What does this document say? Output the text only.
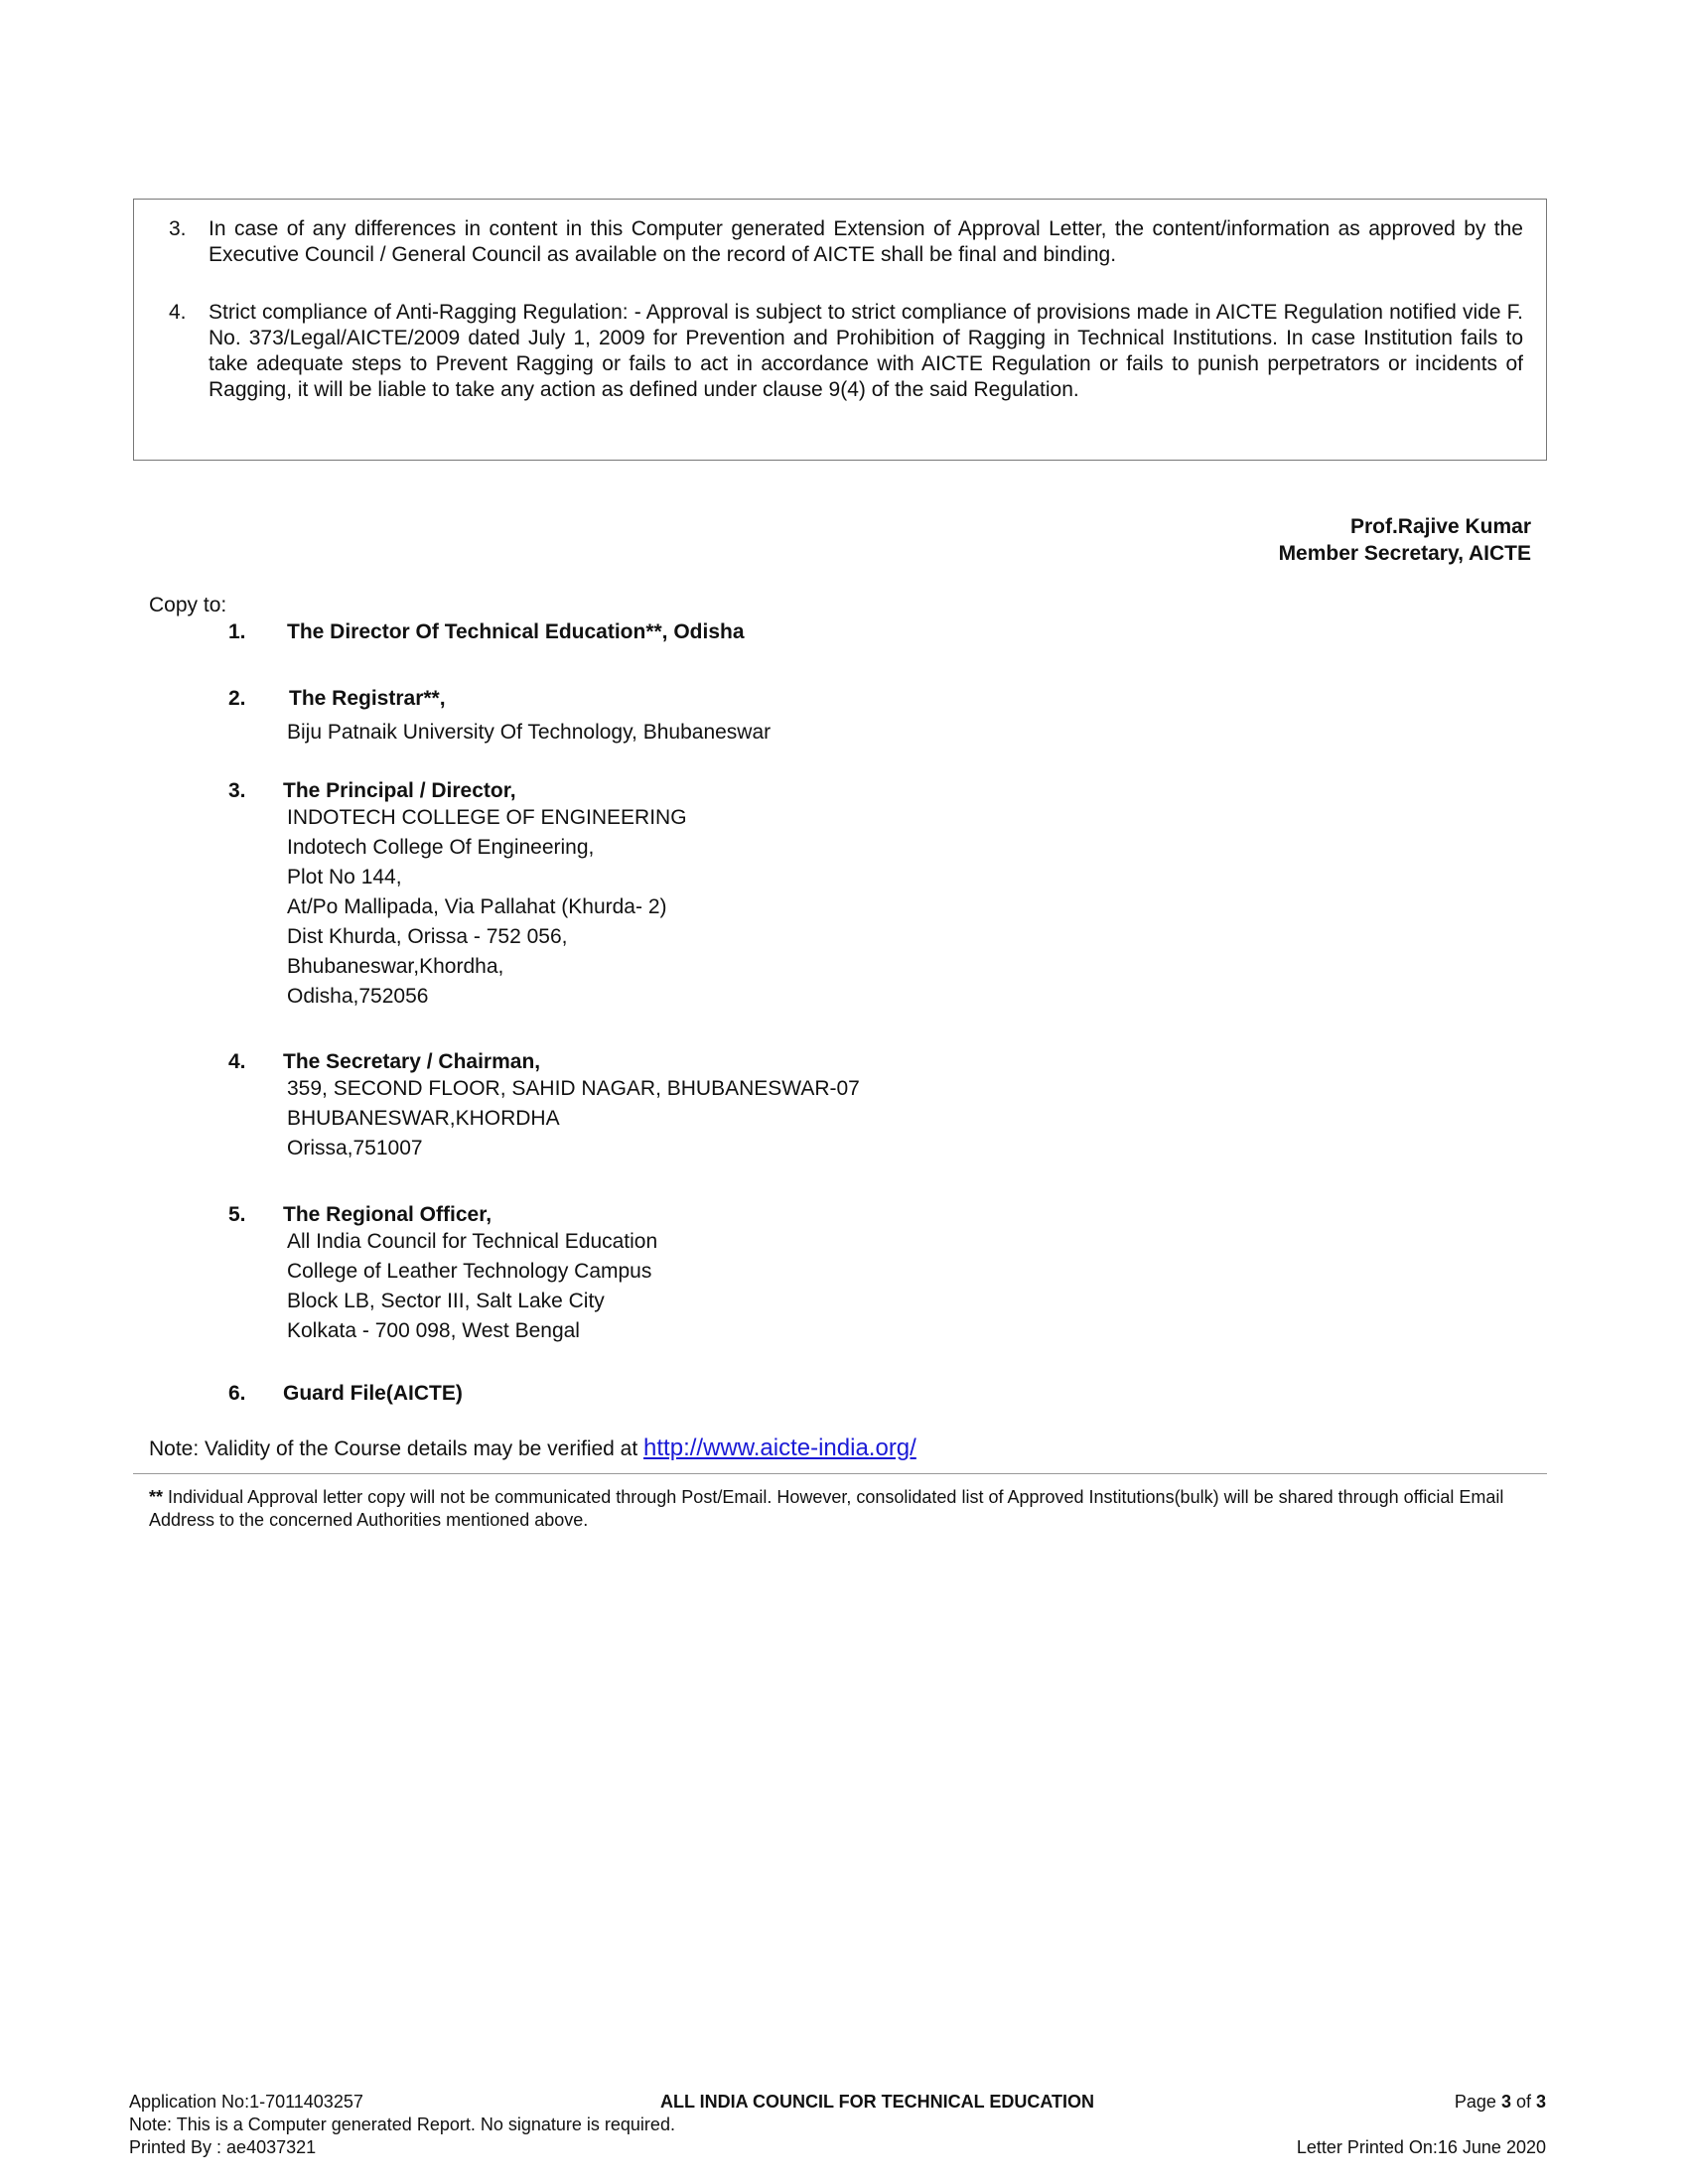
3. In case of any differences in content in this Computer generated Extension of Approval Letter, the content/information as approved by the Executive Council / General Council as available on the record of AICTE shall be final and binding.
4. Strict compliance of Anti-Ragging Regulation: - Approval is subject to strict compliance of provisions made in AICTE Regulation notified vide F. No. 373/Legal/AICTE/2009 dated July 1, 2009 for Prevention and Prohibition of Ragging in Technical Institutions. In case Institution fails to take adequate steps to Prevent Ragging or fails to act in accordance with AICTE Regulation or fails to punish perpetrators or incidents of Ragging, it will be liable to take any action as defined under clause 9(4) of the said Regulation.
Prof.Rajive Kumar
Member Secretary, AICTE
Copy to:
1. The Director Of Technical Education**, Odisha
2. The Registrar**,
Biju Patnaik University Of Technology, Bhubaneswar
3. The Principal / Director,
INDOTECH COLLEGE OF ENGINEERING
Indotech College Of Engineering,
Plot No 144,
At/Po Mallipada, Via Pallahat (Khurda- 2)
Dist Khurda, Orissa - 752 056,
Bhubaneswar,Khordha,
Odisha,752056
4. The Secretary / Chairman,
359, SECOND FLOOR, SAHID NAGAR, BHUBANESWAR-07
BHUBANESWAR,KHORDHA
Orissa,751007
5. The Regional Officer,
All India Council for Technical Education
College of Leather Technology Campus
Block LB, Sector III, Salt Lake City
Kolkata - 700 098, West Bengal
6. Guard File(AICTE)
Note: Validity of the Course details may be verified at http://www.aicte-india.org/
** Individual Approval letter copy will not be communicated through Post/Email. However, consolidated list of Approved Institutions(bulk) will be shared through official Email Address to the concerned Authorities mentioned above.
Application No:1-7011403257	ALL INDIA COUNCIL FOR TECHNICAL EDUCATION	Page 3 of 3
Note: This is a Computer generated Report. No signature is required.
Printed By : ae4037321	Letter Printed On:16 June 2020
